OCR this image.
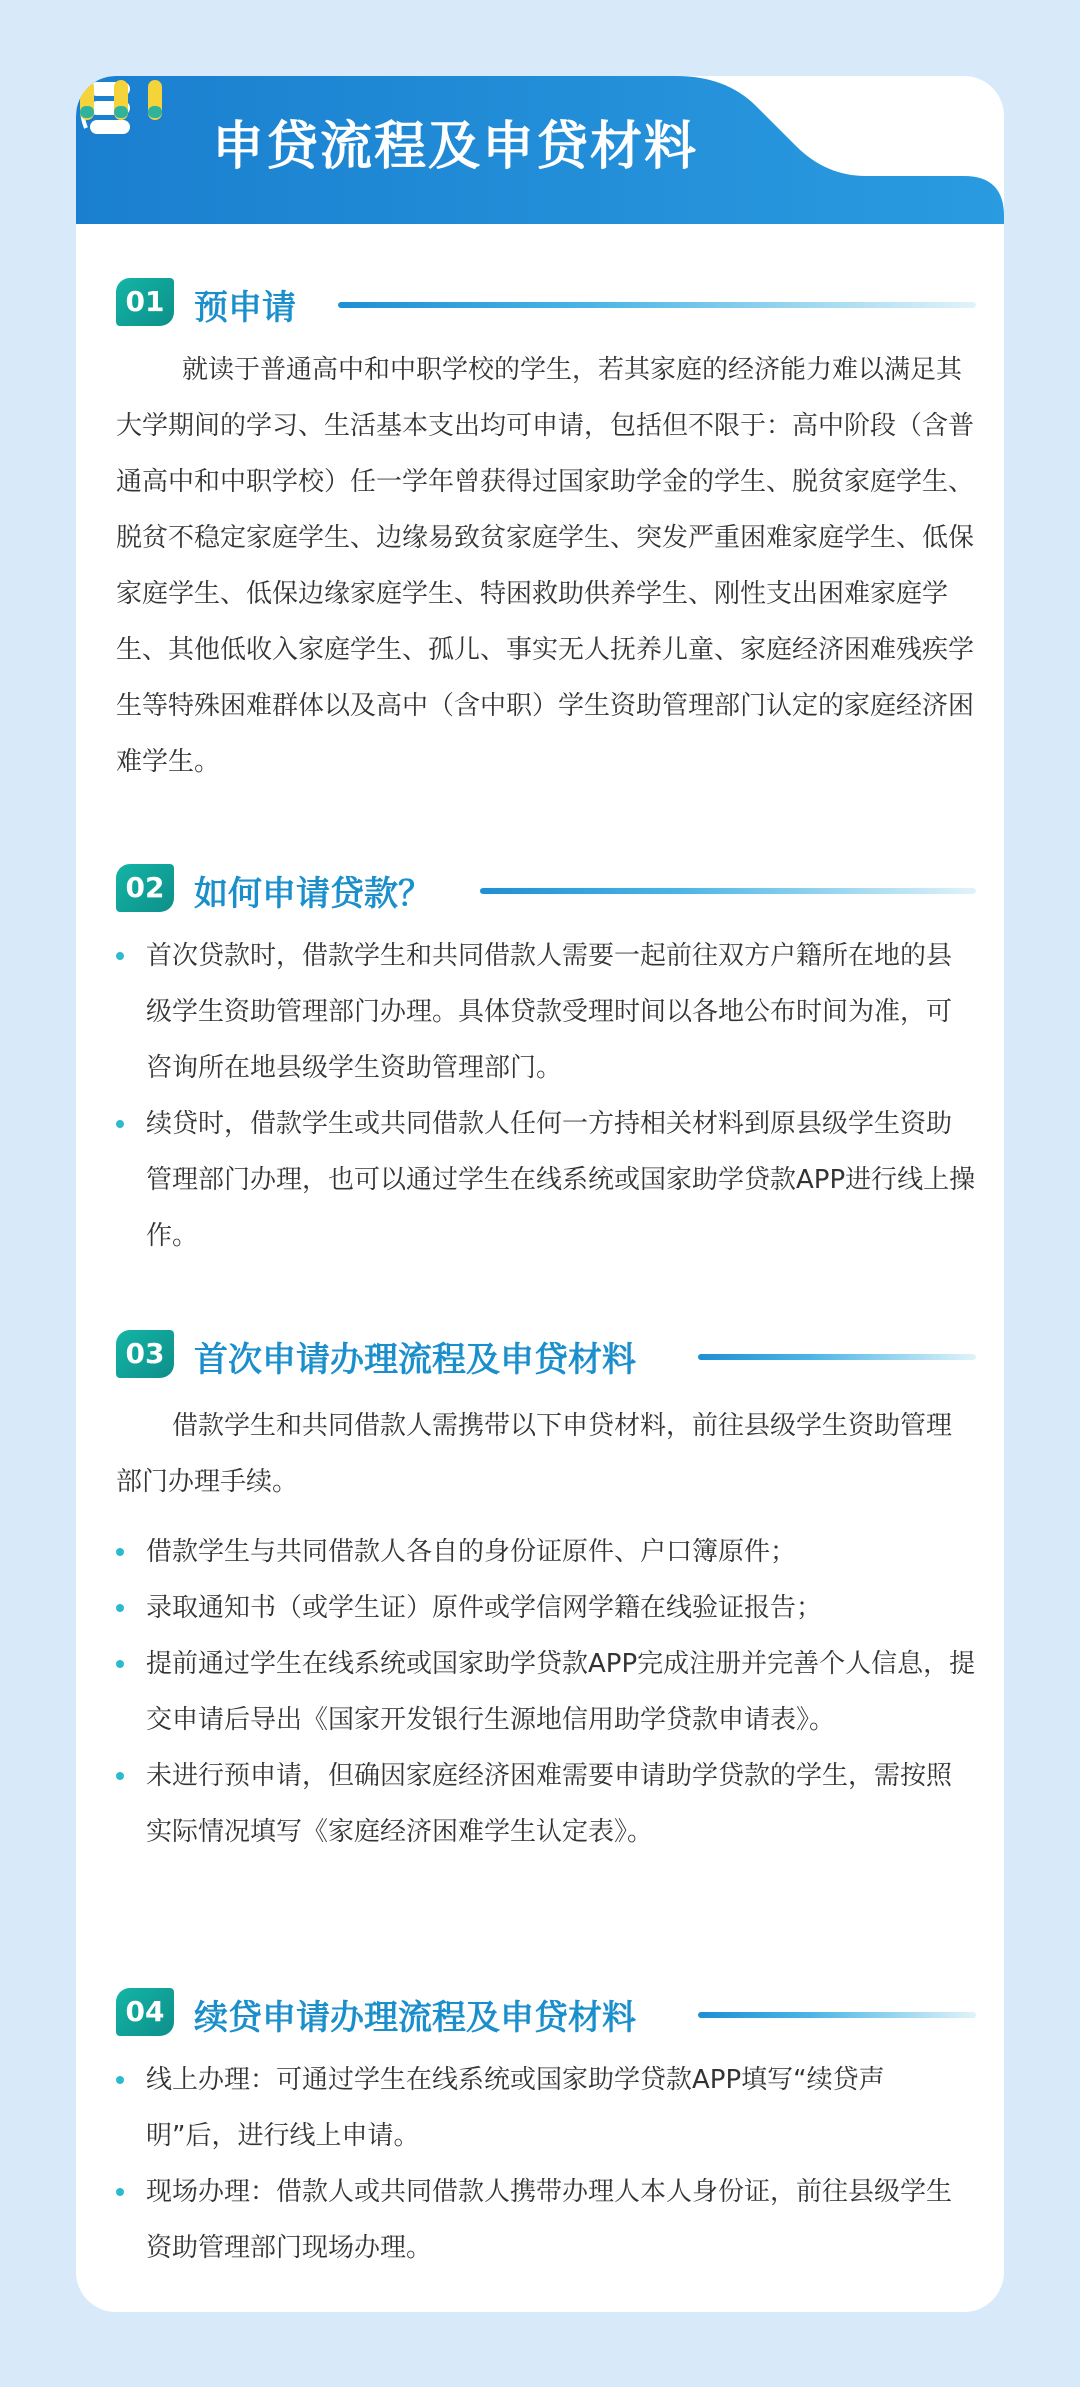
申贷流程及申贷材料
01 预申请

就读于普通高中和中职学校的学生，若其家庭的经济能力难以满足其大学期间的学习、生活基本支出均可申请，包括但不限于：高中阶段（含普通高中和中职学校）任一学年曾获得过国家助学金的学生、脱贫家庭学生、脱贫不稳定家庭学生、边缘易致贫家庭学生、突发严重困难家庭学生、低保家庭学生、低保边缘家庭学生、特困救助供养学生、刚性支出困难家庭学生、其他低收入家庭学生、孤儿、事实无人抚养儿童、家庭经济困难残疾学生等特殊困难群体以及高中（含中职）学生资助管理部门认定的家庭经济困难学生。

02 如何申请贷款？
首次贷款时，借款学生和共同借款人需要一起前往双方户籍所在地的县级学生资助管理部门办理。具体贷款受理时间以各地公布时间为准，可咨询所在地县级学生资助管理部门。
续贷时，借款学生或共同借款人任何一方持相关材料到原县级学生资助管理部门办理，也可以通过学生在线系统或国家助学贷款APP进行线上操作。
03 首次申请办理流程及申贷材料

借款学生和共同借款人需携带以下申贷材料，前往县级学生资助管理部门办理手续。

借款学生与共同借款人各自的身份证原件、户口簿原件；
录取通知书（或学生证）原件或学信网学籍在线验证报告；
提前通过学生在线系统或国家助学贷款APP完成注册并完善个人信息，提交申请后导出《国家开发银行生源地信用助学贷款申请表》。
未进行预申请，但确因家庭经济困难需要申请助学贷款的学生，需按照实际情况填写《家庭经济困难学生认定表》。
04 续贷申请办理流程及申贷材料
线上办理：可通过学生在线系统或国家助学贷款APP填写“续贷声明”后，进行线上申请。
现场办理：借款人或共同借款人携带办理人本人身份证，前往县级学生资助管理部门现场办理。
